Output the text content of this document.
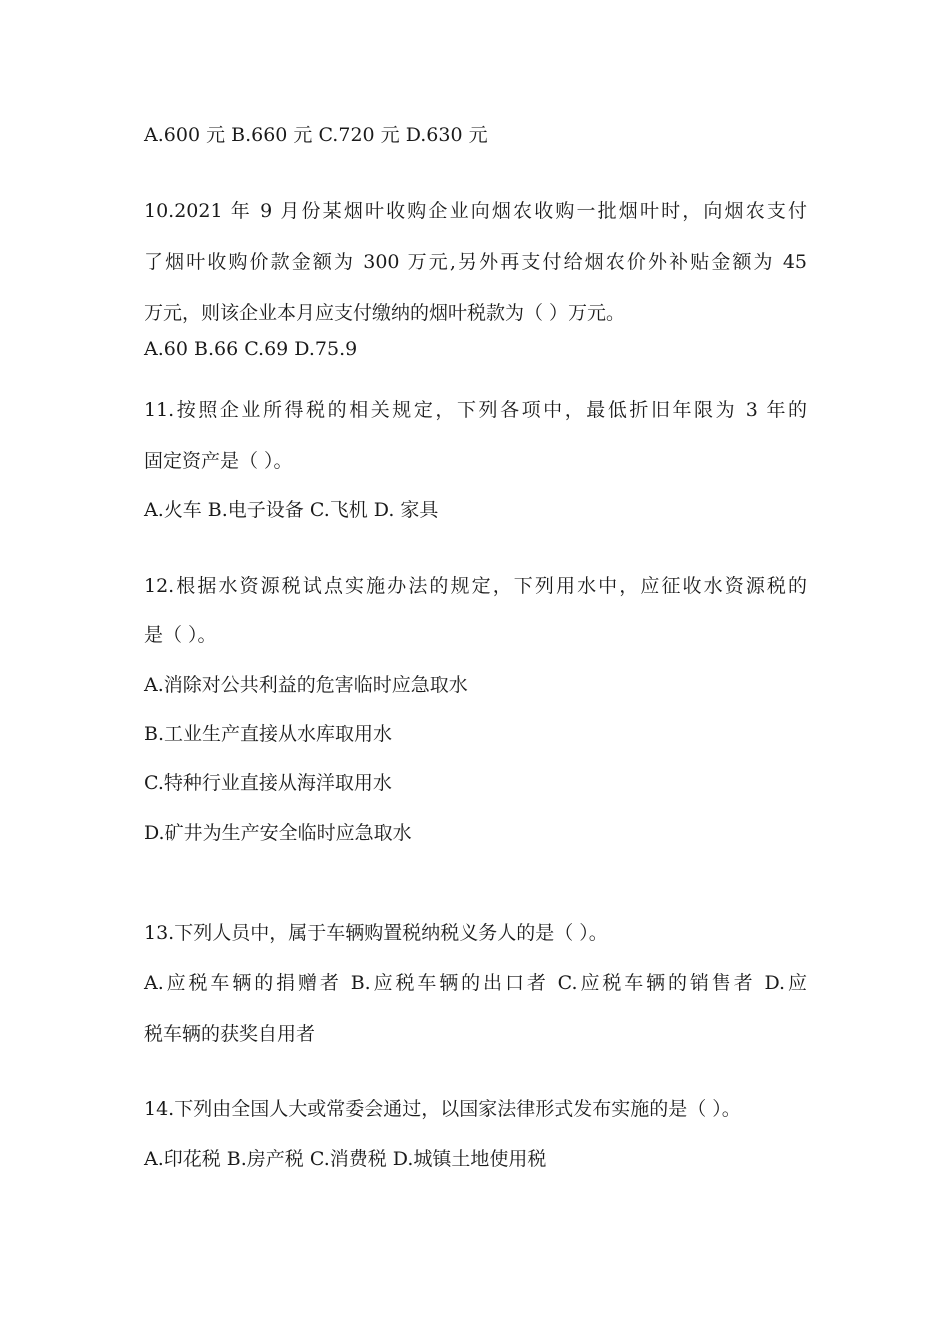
A.600 元 B.660 元 C.720 元 D.630 元
10.2021 年 9 月份某烟叶收购企业向烟农收购一批烟叶时，向烟农支付
了烟叶收购价款金额为 300 万元,另外再支付给烟农价外补贴金额为 45
万元，则该企业本月应支付缴纳的烟叶税款为（ ）万元。
A.60 B.66 C.69 D.75.9
11.按照企业所得税的相关规定，下列各项中，最低折旧年限为 3 年的
固定资产是（ ）。
A.火车 B.电子设备 C.飞机 D. 家具
12.根据水资源税试点实施办法的规定，下列用水中，应征收水资源税的
是（ ）。
A.消除对公共利益的危害临时应急取水
B.工业生产直接从水库取用水
C.特种行业直接从海洋取用水
D.矿井为生产安全临时应急取水
13.下列人员中，属于车辆购置税纳税义务人的是（ ）。
A.应税车辆的捐赠者 B.应税车辆的出口者 C.应税车辆的销售者 D.应
税车辆的获奖自用者
14.下列由全国人大或常委会通过，以国家法律形式发布实施的是（ ）。
A.印花税 B.房产税 C.消费税 D.城镇土地使用税
